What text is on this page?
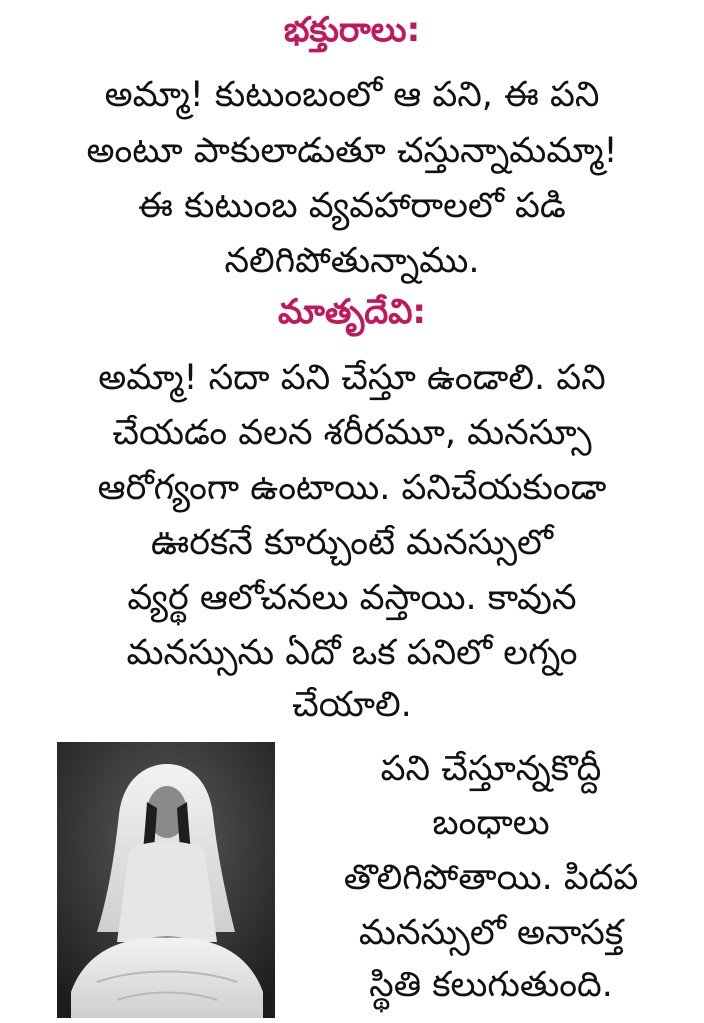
భక్తురాలు:
అమ్మా! కుటుంబంలో ఆ పని, ఈ పని
అంటూ పాకులాడుతూ చస్తున్నామమ్మా!
ఈ కుటుంబ వ్యవహారాలలో పడి
నలిగిపోతున్నాము.
మాతృదేవి:
అమ్మా! సదా పని చేస్తూ ఉండాలి. పని
చేయడం వలన శరీరమూ, మనస్సూ
ఆరోగ్యంగా ఉంటాయి. పనిచేయకుండా
ఊరకనే కూర్చుంటే మనస్సులో
వ్యర్థ ఆలోచనలు వస్తాయి. కావున
మనస్సును ఏదో ఒక పనిలో లగ్నం
చేయాలి.
పని చేస్తూన్నకొద్దీ
బంధాలు
తొలిగిపోతాయి. పిదప
మనస్సులో అనాసక్త
స్థితి కలుగుతుంది.
